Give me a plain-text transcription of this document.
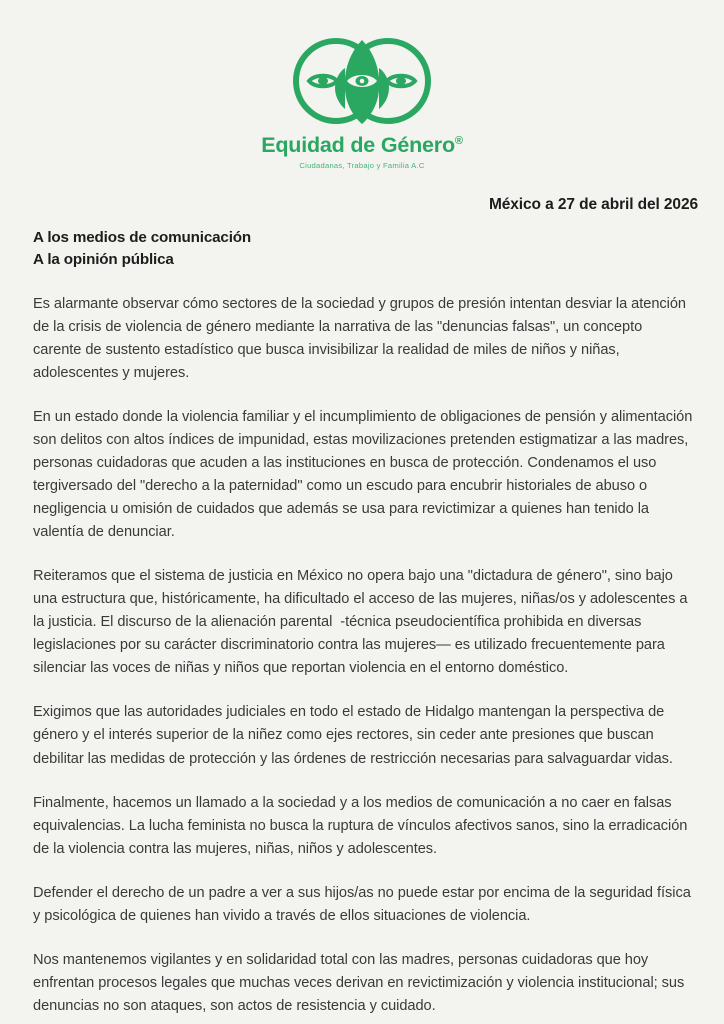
Equidad de Género®
Ciudadanas, Trabajo y Familia A.C
México a 27 de abril del 2026
A los medios de comunicación
A la opinión pública

Es alarmante observar cómo sectores de la sociedad y grupos de presión intentan desviar la atención de la crisis de violencia de género mediante la narrativa de las "denuncias falsas", un concepto carente de sustento estadístico que busca invisibilizar la realidad de miles de niños y niñas, adolescentes y mujeres.

En un estado donde la violencia familiar y el incumplimiento de obligaciones de pensión y alimentación son delitos con altos índices de impunidad, estas movilizaciones pretenden estigmatizar a las madres, personas cuidadoras que acuden a las instituciones en busca de protección. Condenamos el uso tergiversado del "derecho a la paternidad" como un escudo para encubrir historiales de abuso o negligencia u omisión de cuidados que además se usa para revictimizar a quienes han tenido la valentía de denunciar.

Reiteramos que el sistema de justicia en México no opera bajo una "dictadura de género", sino bajo una estructura que, históricamente, ha dificultado el acceso de las mujeres, niñas/os y adolescentes a la justicia. El discurso de la alienación parental -técnica pseudocientífica prohibida en diversas legislaciones por su carácter discriminatorio contra las mujeres— es utilizado frecuentemente para silenciar las voces de niñas y niños que reportan violencia en el entorno doméstico.

Exigimos que las autoridades judiciales en todo el estado de Hidalgo mantengan la perspectiva de género y el interés superior de la niñez como ejes rectores, sin ceder ante presiones que buscan debilitar las medidas de protección y las órdenes de restricción necesarias para salvaguardar vidas.

Finalmente, hacemos un llamado a la sociedad y a los medios de comunicación a no caer en falsas equivalencias. La lucha feminista no busca la ruptura de vínculos afectivos sanos, sino la erradicación de la violencia contra las mujeres, niñas, niños y adolescentes.

Defender el derecho de un padre a ver a sus hijos/as no puede estar por encima de la seguridad física y psicológica de quienes han vivido a través de ellos situaciones de violencia.

Nos mantenemos vigilantes y en solidaridad total con las madres, personas cuidadoras que hoy enfrentan procesos legales que muchas veces derivan en revictimización y violencia institucional; sus denuncias no son ataques, son actos de resistencia y cuidado.
